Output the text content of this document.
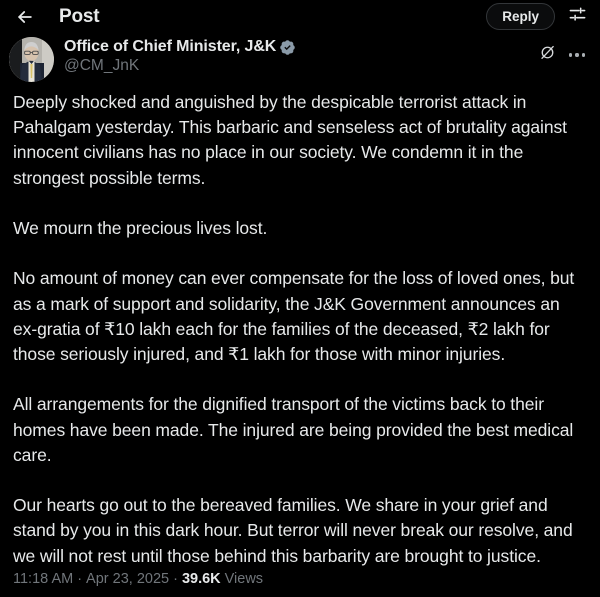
Post	Reply
Office of Chief Minister, J&K
@CM_JnK

Deeply shocked and anguished by the despicable terrorist attack in Pahalgam yesterday. This barbaric and senseless act of brutality against innocent civilians has no place in our society. We condemn it in the strongest possible terms.

We mourn the precious lives lost.

No amount of money can ever compensate for the loss of loved ones, but as a mark of support and solidarity, the J&K Government announces an ex-gratia of ₹10 lakh each for the families of the deceased, ₹2 lakh for those seriously injured, and ₹1 lakh for those with minor injuries.

All arrangements for the dignified transport of the victims back to their homes have been made. The injured are being provided the best medical care.

Our hearts go out to the bereaved families. We share in your grief and stand by you in this dark hour. But terror will never break our resolve, and we will not rest until those behind this barbarity are brought to justice.

11:18 AM · Apr 23, 2025 · 39.6K Views
